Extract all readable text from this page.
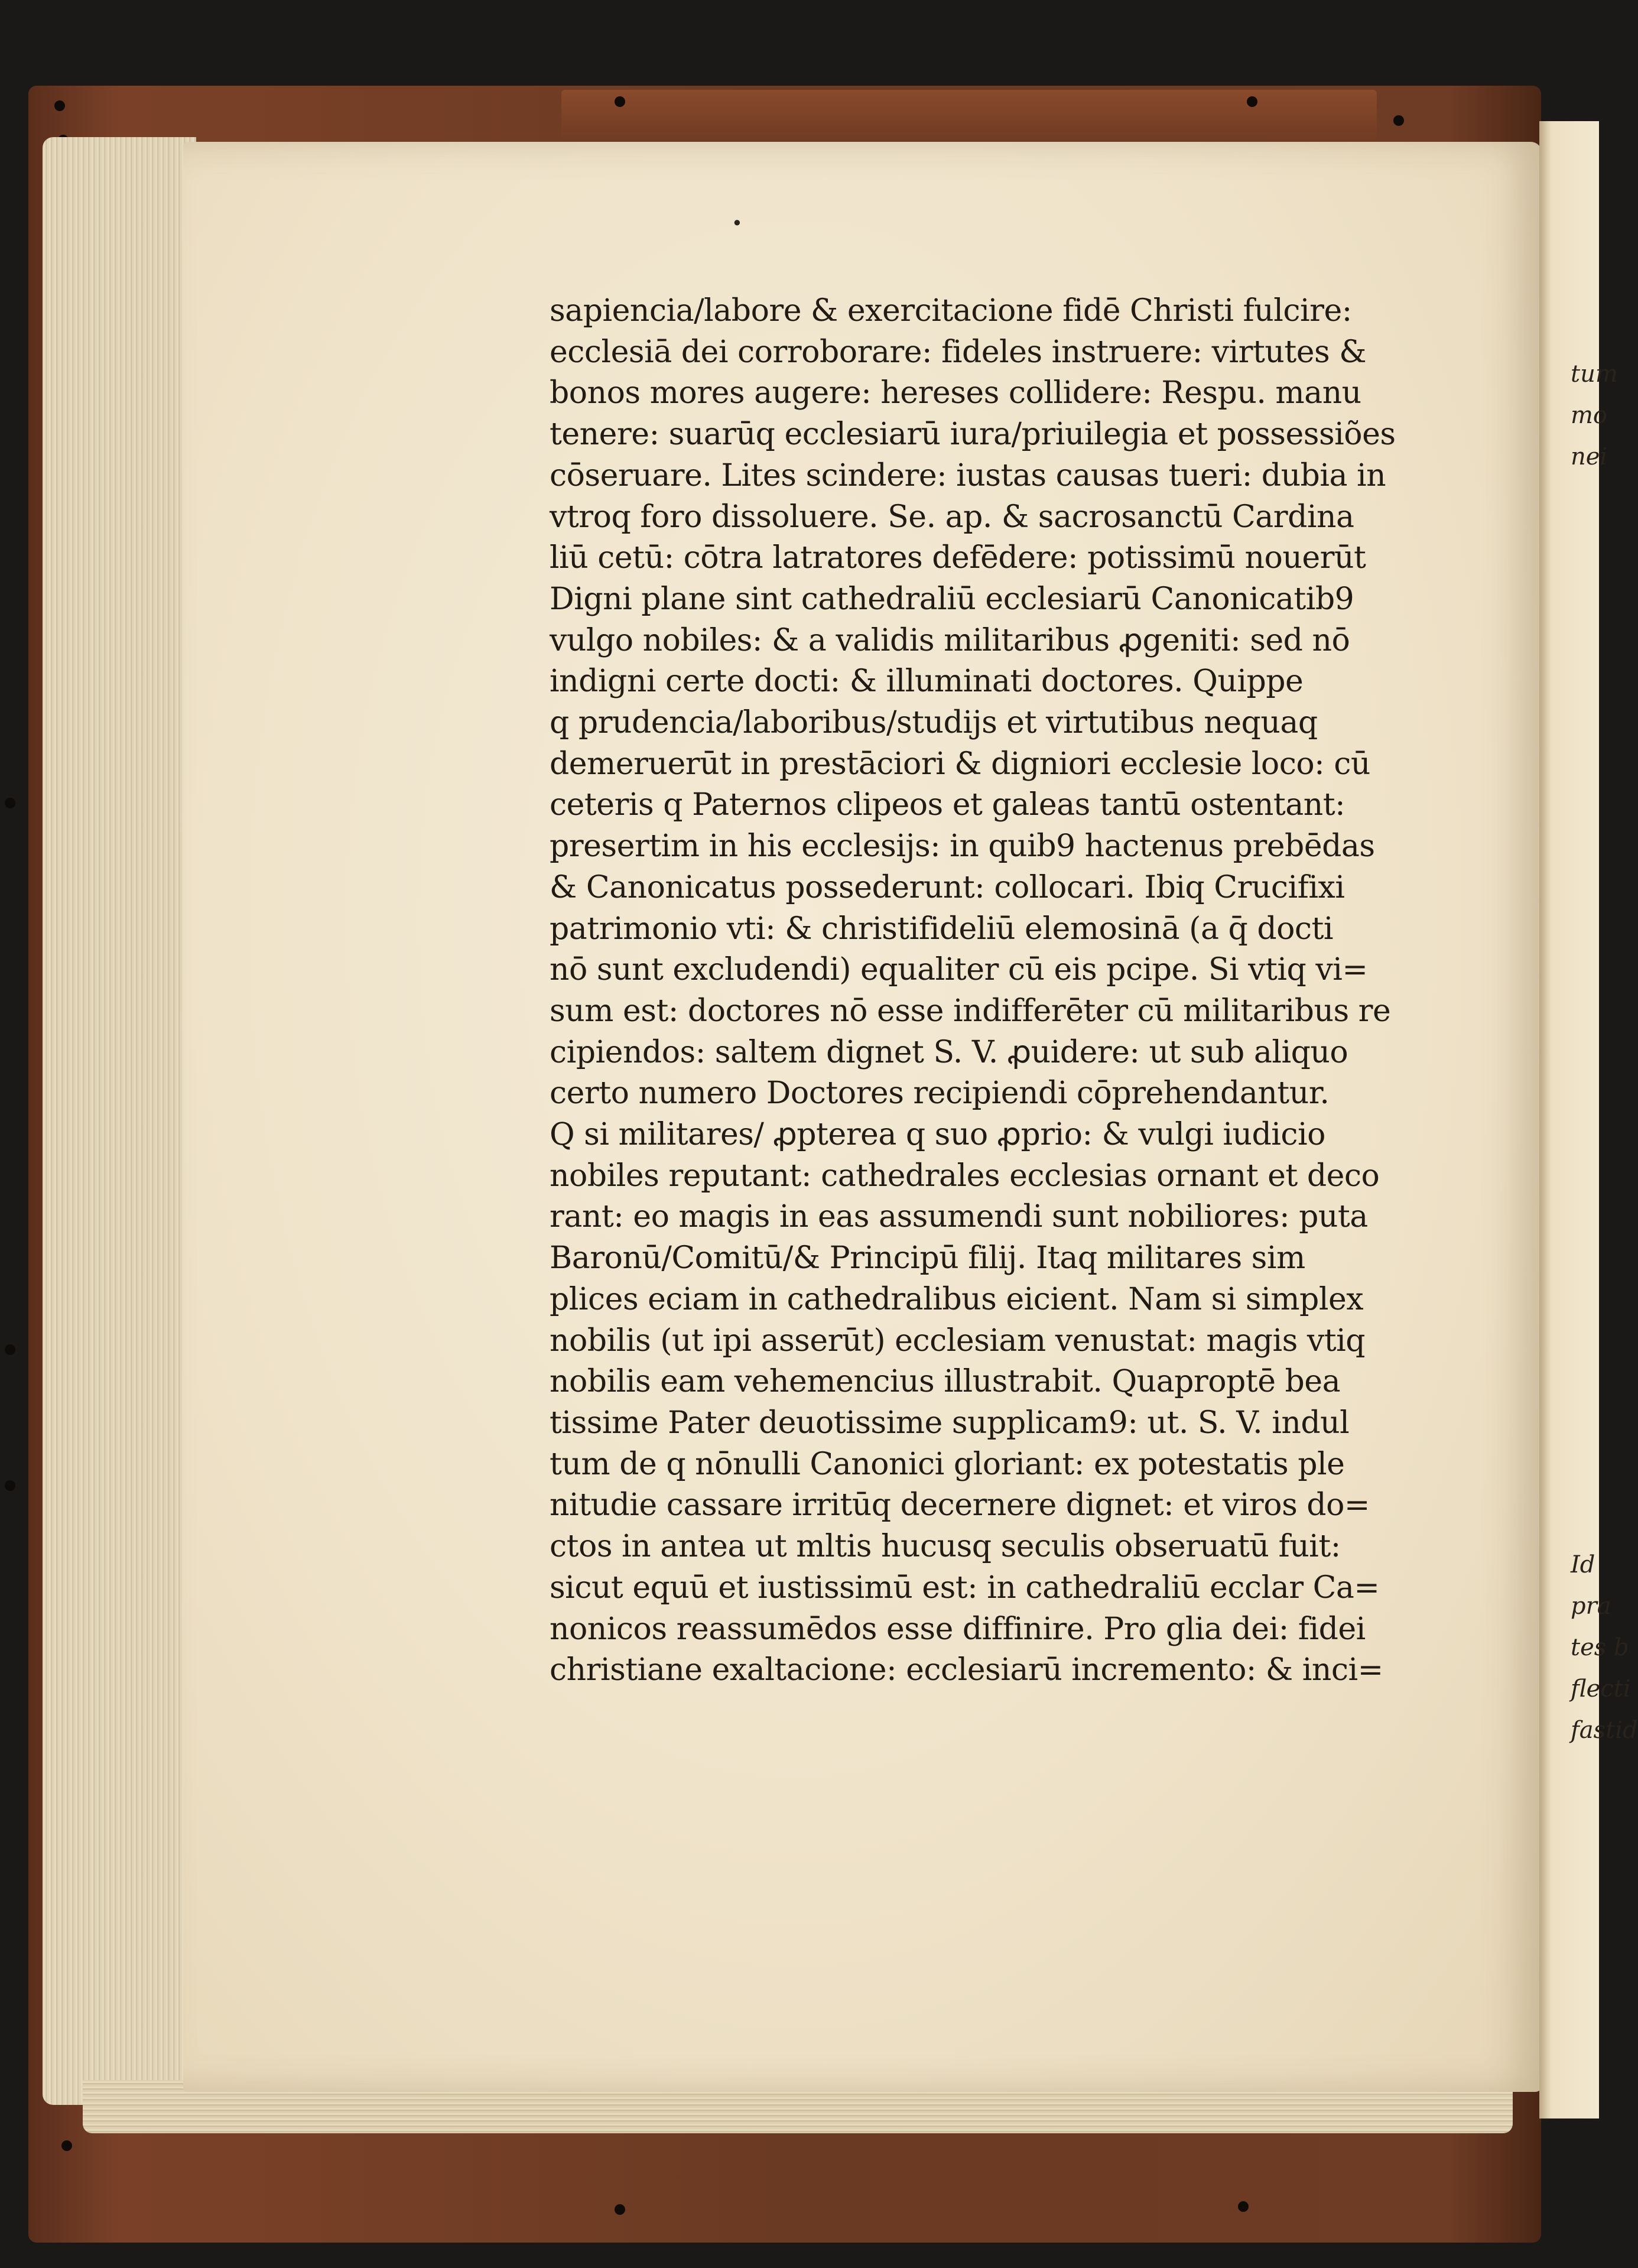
·
sapiencia/labore & exercitacione fidē Christi fulcire:
ecclesiā dei corroborare: fideles instruere: virtutes &
bonos mores augere: hereses collidere: Respu. manu
tenere: suarūq ecclesiarū iura/priuilegia et possessiões
cōseruare. Lites scindere: iustas causas tueri: dubia in
vtroq foro dissoluere. Se. ap. & sacrosanctū Cardina
liū cetū: cōtra latratores defēdere: potissimū nouerūt
Digni plane sint cathedraliū ecclesiarū Canonicatib9
vulgo nobiles: & a validis militaribus ꝓgeniti: sed nō
indigni certe docti: & illuminati doctores. Quippe
q prudencia/laboribus/studijs et virtutibus nequaq
demeruerūt in prestāciori & digniori ecclesie loco: cū
ceteris q Paternos clipeos et galeas tantū ostentant:
presertim in his ecclesijs: in quib9 hactenus prebēdas
& Canonicatus possederunt: collocari. Ibiq Crucifixi
patrimonio vti: & christifideliū elemosinā (a q̄ docti
nō sunt excludendi) equaliter cū eis pcipe. Si vtiq vi=
sum est: doctores nō esse indifferēter cū militaribus re
cipiendos: saltem dignet S. V. ꝓuidere: ut sub aliquo
certo numero Doctores recipiendi cōprehendantur.
Q si militares/ ꝓpterea q suo ꝓprio: & vulgi iudicio
nobiles reputant: cathedrales ecclesias ornant et deco
rant: eo magis in eas assumendi sunt nobiliores: puta
Baronū/Comitū/& Principū filij. Itaq militares sim
plices eciam in cathedralibus eicient. Nam si simplex
nobilis (ut ipi asserūt) ecclesiam venustat: magis vtiq
nobilis eam vehemencius illustrabit. Quaproptē bea
tissime Pater deuotissime supplicam9: ut. S. V. indul
tum de q nōnulli Canonici gloriant: ex potestatis ple
nitudie cassare irritūq decernere dignet: et viros do=
ctos in antea ut mltis hucusq seculis obseruatū fuit:
sicut equū et iustissimū est: in cathedraliū ecclar Ca=
nonicos reassumēdos esse diffinire. Pro glia dei: fidei
christiane exaltacione: ecclesiarū incremento: & inci=
tum
mo
nei
Id
pra
tes b
flecti
fastid
